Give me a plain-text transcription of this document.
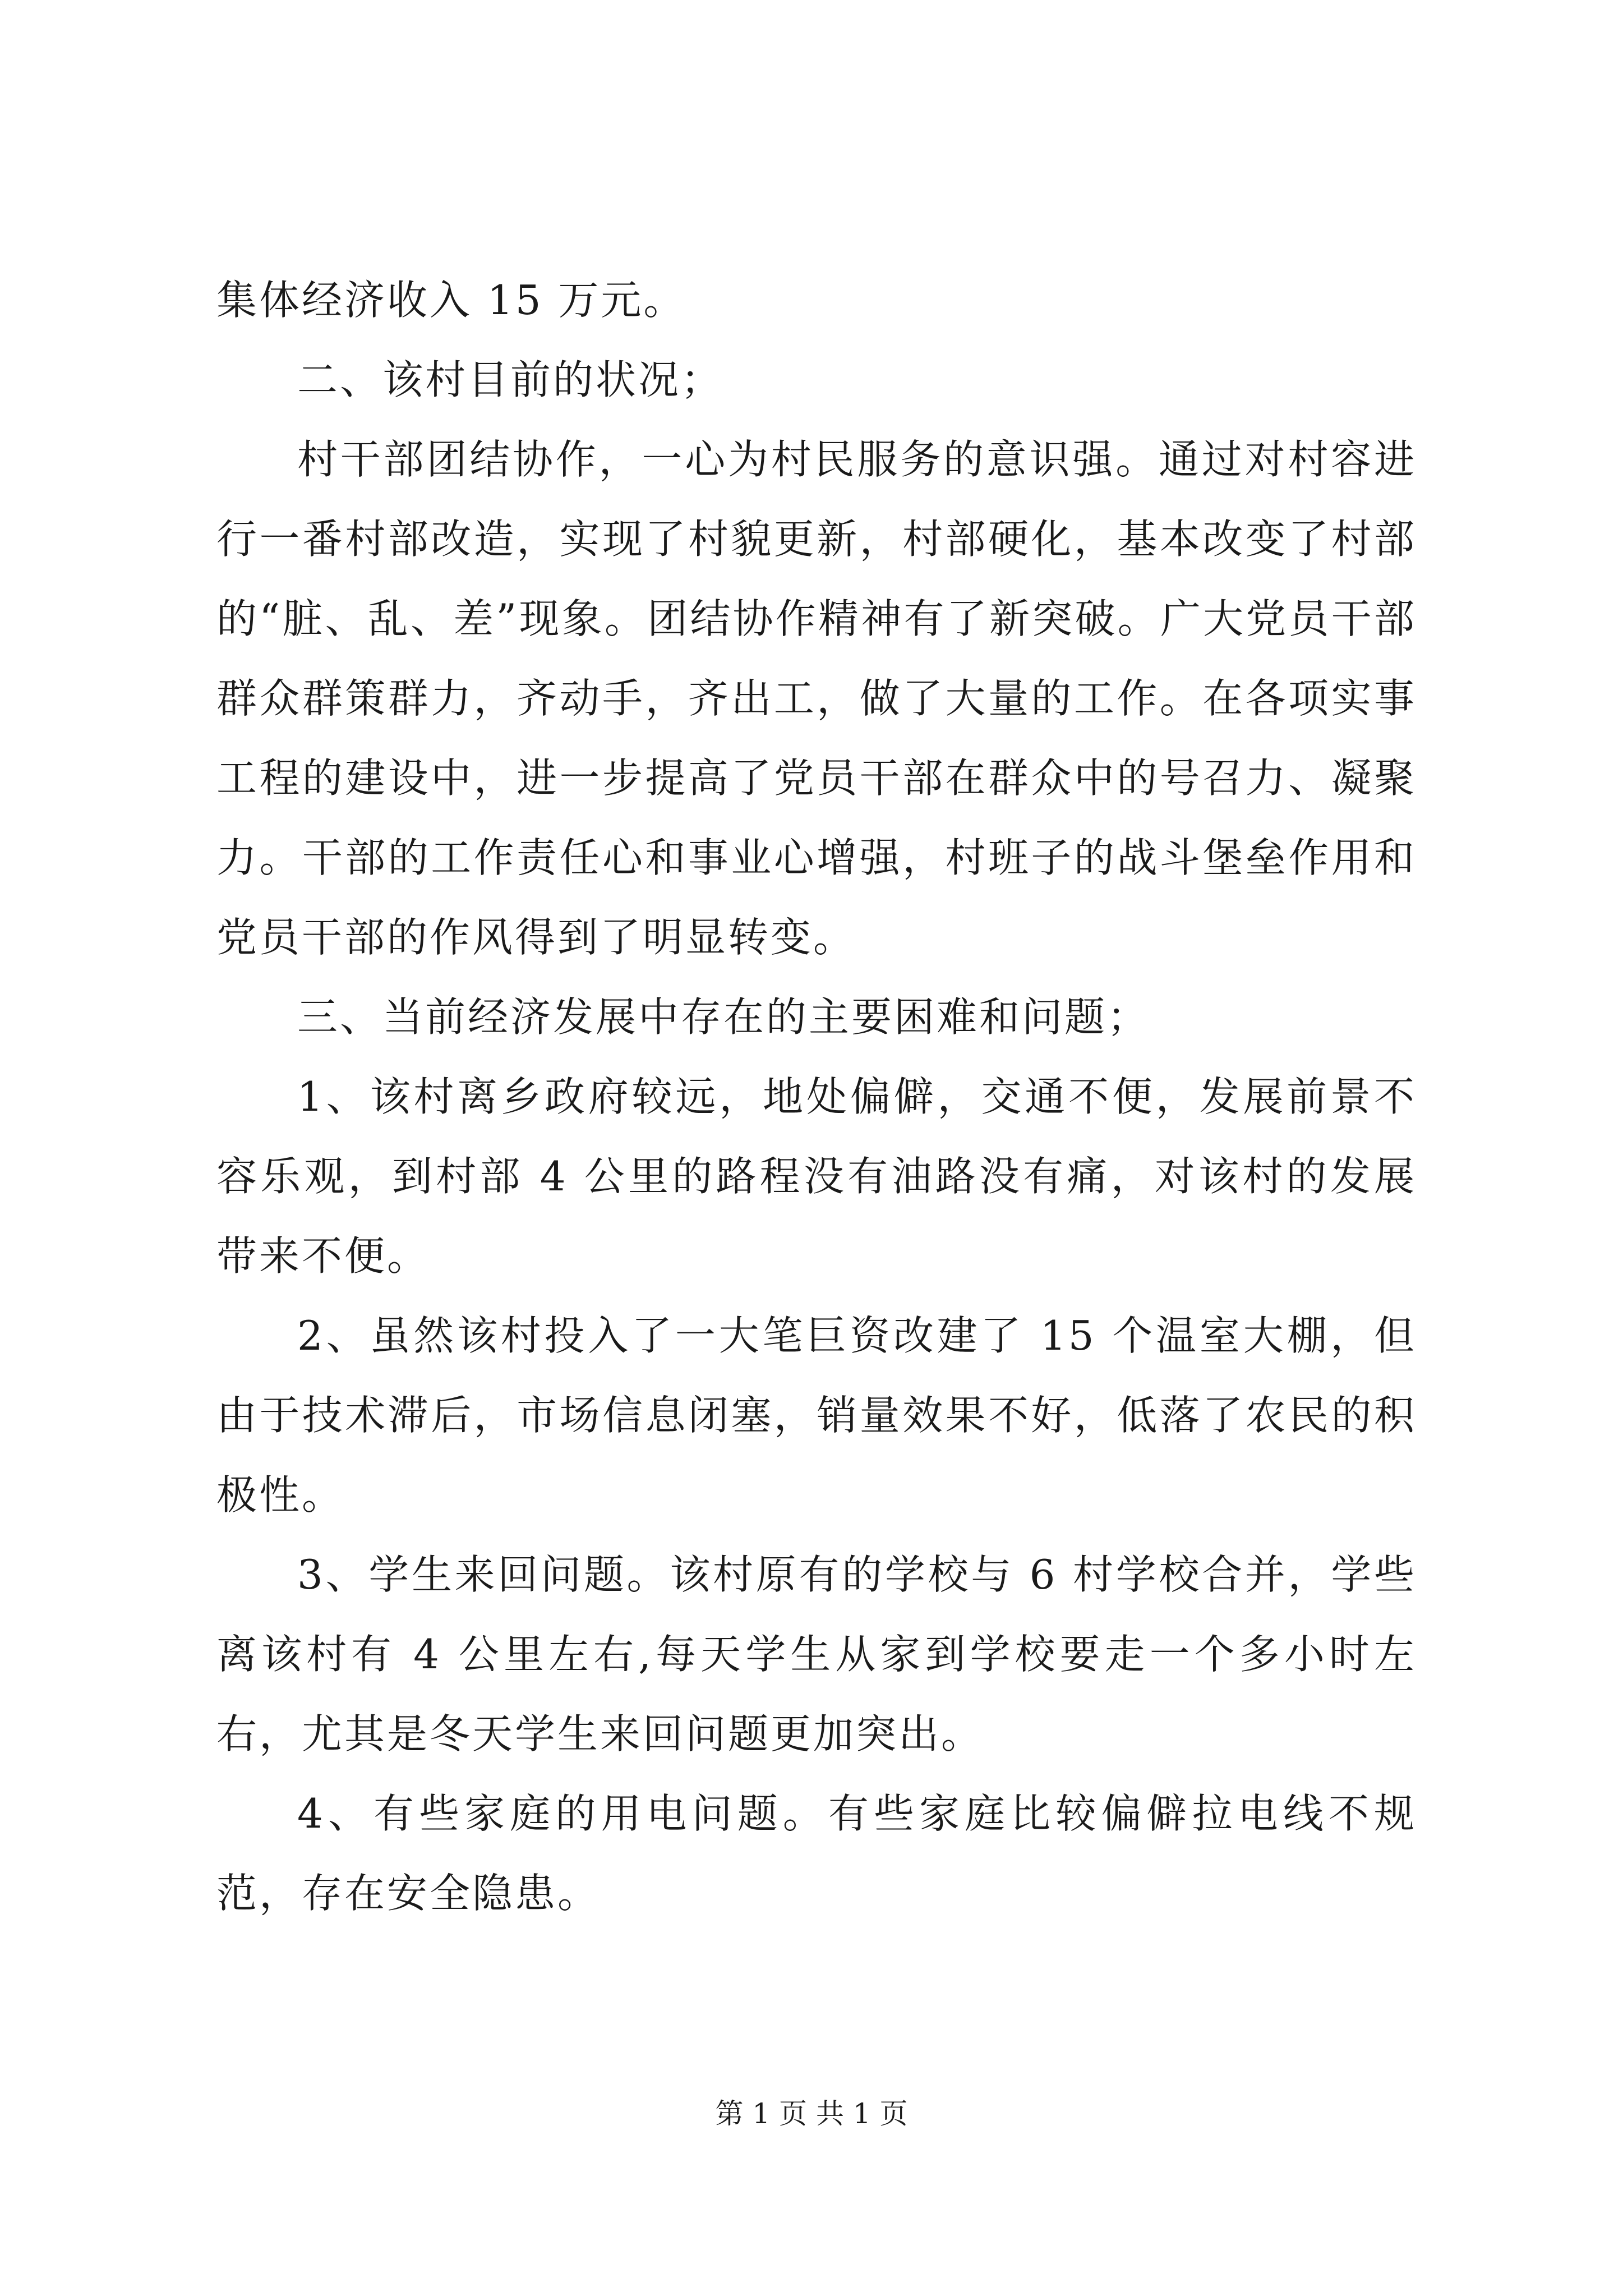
集体经济收入 15 万元。

二、该村目前的状况；

村干部团结协作，一心为村民服务的意识强。通过对村容进行一番村部改造，实现了村貌更新，村部硬化，基本改变了村部的“脏、乱、差”现象。团结协作精神有了新突破。广大党员干部群众群策群力，齐动手，齐出工，做了大量的工作。在各项实事工程的建设中，进一步提高了党员干部在群众中的号召力、凝聚力。干部的工作责任心和事业心增强，村班子的战斗堡垒作用和党员干部的作风得到了明显转变。

三、当前经济发展中存在的主要困难和问题；

1、该村离乡政府较远，地处偏僻，交通不便，发展前景不容乐观，到村部 4 公里的路程没有油路没有痛，对该村的发展带来不便。

2、虽然该村投入了一大笔巨资改建了 15 个温室大棚，但由于技术滞后，市场信息闭塞，销量效果不好，低落了农民的积极性。

3、学生来回问题。该村原有的学校与 6 村学校合并，学些离该村有 4 公里左右,每天学生从家到学校要走一个多小时左右，尤其是冬天学生来回问题更加突出。

4、有些家庭的用电问题。有些家庭比较偏僻拉电线不规范，存在安全隐患。

第 1 页 共 1 页
